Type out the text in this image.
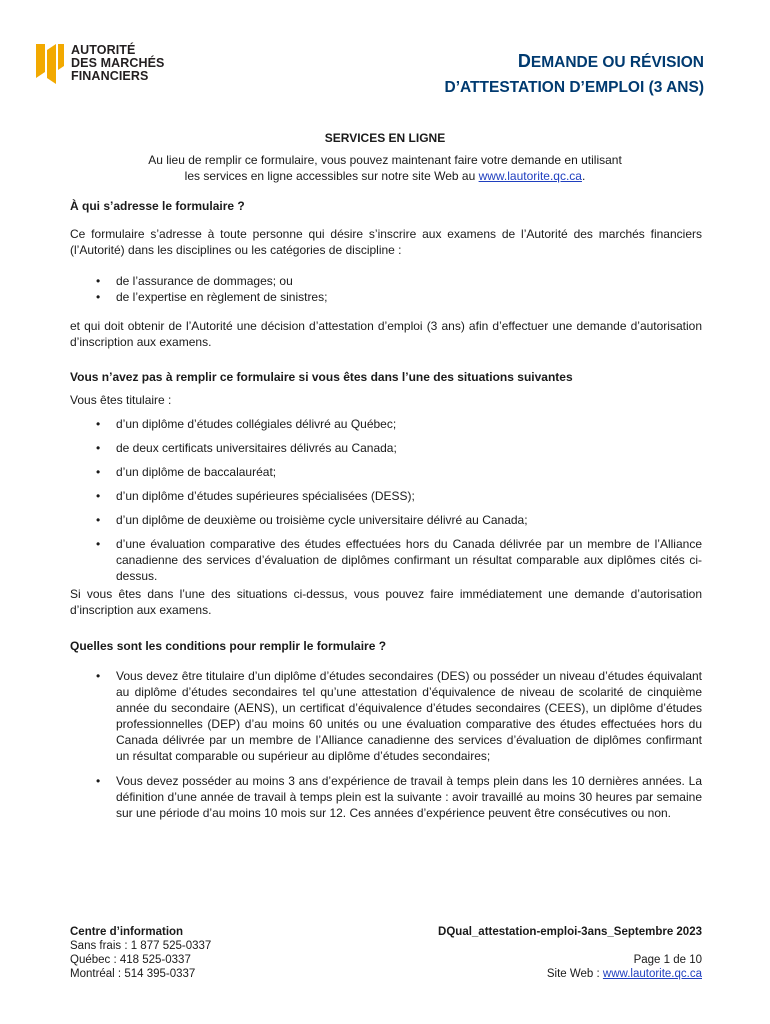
AUTORITÉ
DES MARCHÉS
FINANCIERS
DEMANDE OU RÉVISION
D’ATTESTATION D’EMPLOI (3 ANS)
SERVICES EN LIGNE
Au lieu de remplir ce formulaire, vous pouvez maintenant faire votre demande en utilisant
les services en ligne accessibles sur notre site Web au www.lautorite.qc.ca.
À qui s’adresse le formulaire ?
Ce formulaire s’adresse à toute personne qui désire s’inscrire aux examens de l’Autorité des marchés financiers (l’Autorité) dans les disciplines ou les catégories de discipline :
• de l’assurance de dommages; ou
• de l’expertise en règlement de sinistres;
et qui doit obtenir de l’Autorité une décision d’attestation d’emploi (3 ans) afin d’effectuer une demande d’autorisation d’inscription aux examens.
Vous n’avez pas à remplir ce formulaire si vous êtes dans l’une des situations suivantes
Vous êtes titulaire :
• d’un diplôme d’études collégiales délivré au Québec;
• de deux certificats universitaires délivrés au Canada;
• d’un diplôme de baccalauréat;
• d’un diplôme d’études supérieures spécialisées (DESS);
• d’un diplôme de deuxième ou troisième cycle universitaire délivré au Canada;
• d’une évaluation comparative des études effectuées hors du Canada délivrée par un membre de l’Alliance canadienne des services d’évaluation de diplômes confirmant un résultat comparable aux diplômes cités ci-dessus.
Si vous êtes dans l’une des situations ci-dessus, vous pouvez faire immédiatement une demande d’autorisation d’inscription aux examens.
Quelles sont les conditions pour remplir le formulaire ?
• Vous devez être titulaire d’un diplôme d’études secondaires (DES) ou posséder un niveau d’études équivalant au diplôme d’études secondaires tel qu’une attestation d’équivalence de niveau de scolarité de cinquième année du secondaire (AENS), un certificat d’équivalence d’études secondaires (CEES), un diplôme d’études professionnelles (DEP) d’au moins 60 unités ou une évaluation comparative des études effectuées hors du Canada délivrée par un membre de l’Alliance canadienne des services d’évaluation de diplômes confirmant un résultat comparable ou supérieur au diplôme d’études secondaires;
• Vous devez posséder au moins 3 ans d’expérience de travail à temps plein dans les 10 dernières années. La définition d’une année de travail à temps plein est la suivante : avoir travaillé au moins 30 heures par semaine sur une période d’au moins 10 mois sur 12. Ces années d’expérience peuvent être consécutives ou non.
Centre d’information
Sans frais : 1 877 525-0337
Québec : 418 525-0337
Montréal : 514 395-0337
DQual_attestation-emploi-3ans_Septembre 2023

Page 1 de 10
Site Web : www.lautorite.qc.ca
